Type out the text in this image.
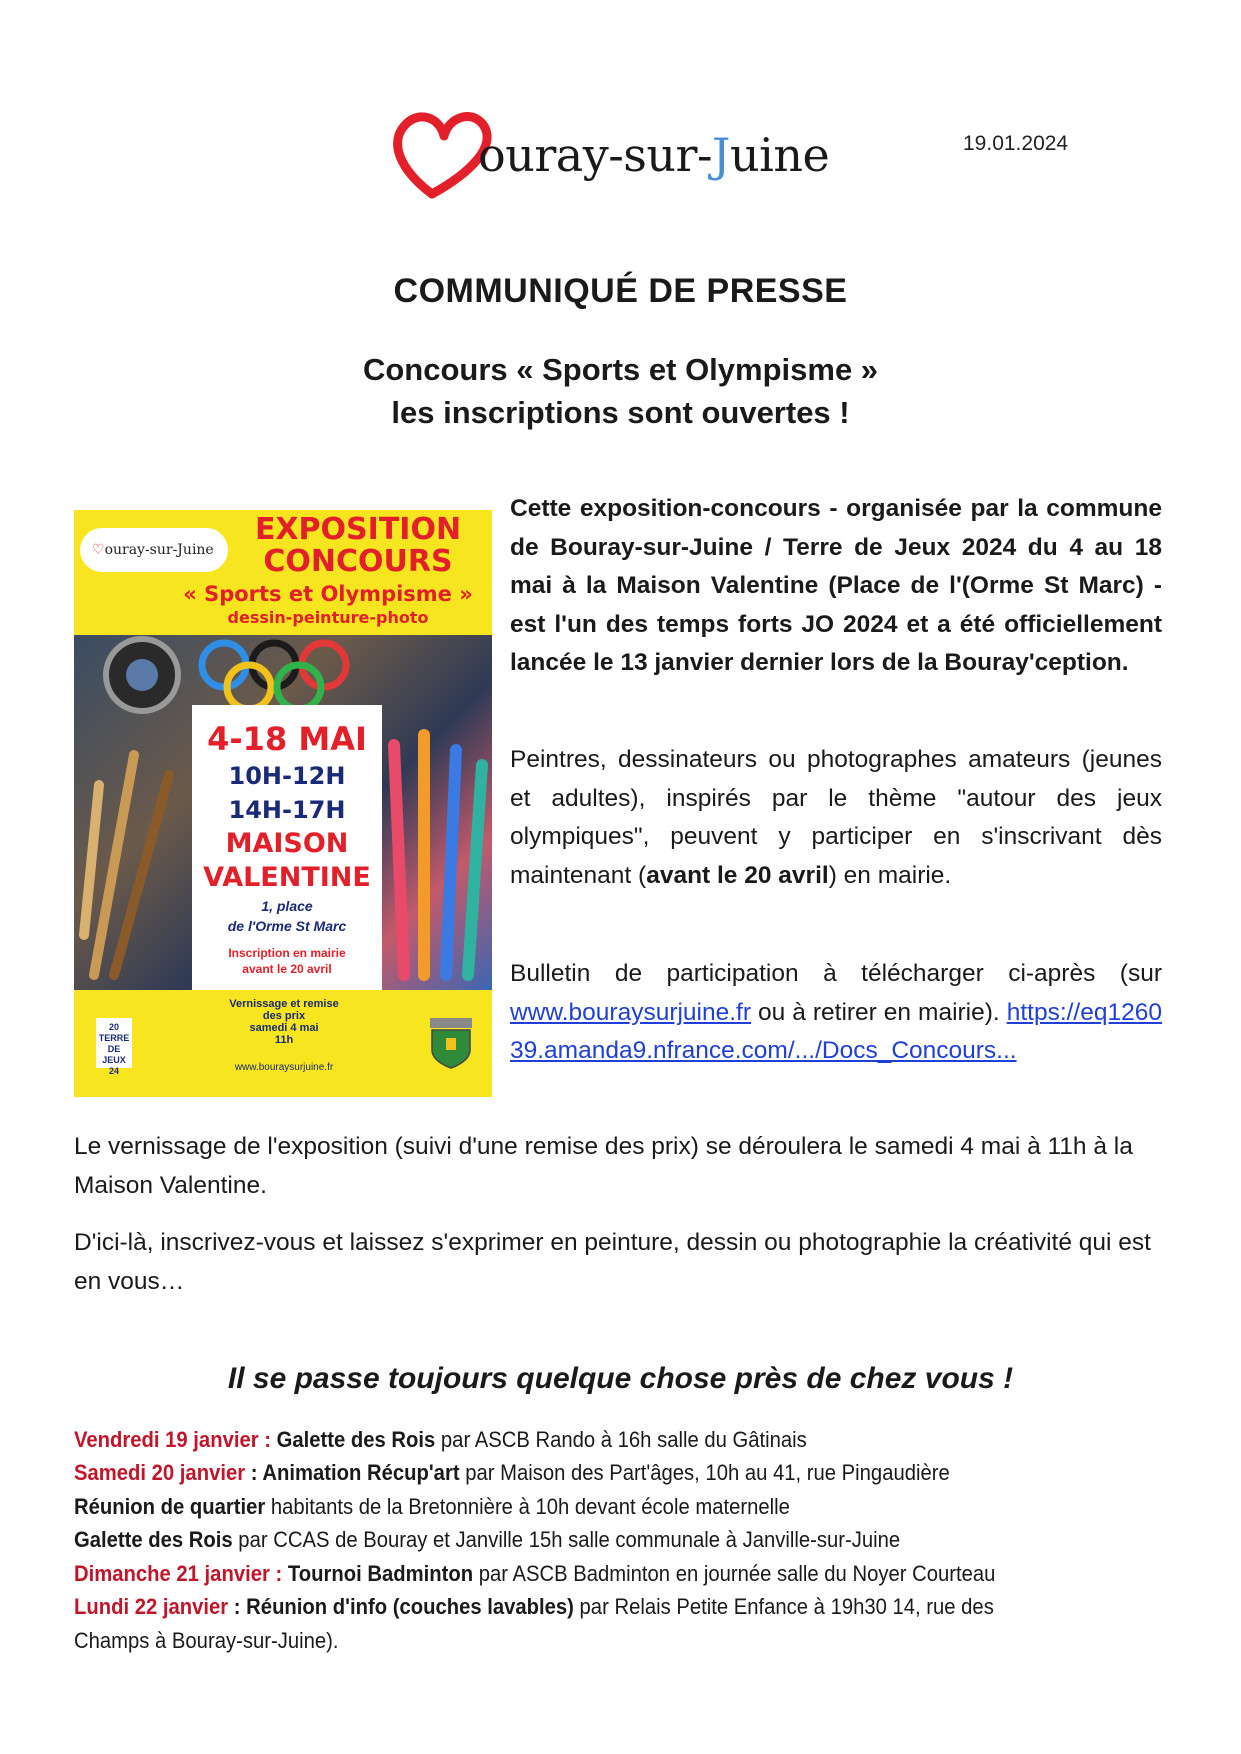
ouray-sur-Juine	19.01.2024
COMMUNIQUÉ DE PRESSE
Concours « Sports et Olympisme »
les inscriptions sont ouvertes !
♡ouray-sur-Juine
EXPOSITION
CONCOURS
« Sports et Olympisme »
dessin-peinture-photo
4-18 MAI
10H-12H
14H-17H
MAISON
VALENTINE
1, place
de l'Orme St Marc
Inscription en mairie
avant le 20 avril
Vernissage et remise
des prix
samedi 4 mai
11h
www.bouraysurjuine.fr
20 TERRE DE JEUX 24
Cette exposition-concours - organisée par la commune de Bouray-sur-Juine / Terre de Jeux 2024 du 4 au 18 mai à la Maison Valentine (Place de l'(Orme St Marc) - est l'un des temps forts JO 2024 et a été officiellement lancée le 13 janvier dernier lors de la Bouray'ception.
Peintres, dessinateurs ou photographes amateurs (jeunes et adultes), inspirés par le thème "autour des jeux olympiques", peuvent y participer en s'inscrivant dès maintenant (avant le 20 avril) en mairie.
Bulletin de participation à télécharger ci-après (sur www.bouraysurjuine.fr ou à retirer en mairie). https://eq126039.amanda9.nfrance.com/.../Docs_Concours...
Le vernissage de l'exposition (suivi d'une remise des prix) se déroulera le samedi 4 mai à 11h à la Maison Valentine.
D'ici-là, inscrivez-vous et laissez s'exprimer en peinture, dessin ou photographie la créativité qui est en vous…
Il se passe toujours quelque chose près de chez vous !
Vendredi 19 janvier : Galette des Rois par ASCB Rando à 16h salle du Gâtinais
Samedi 20 janvier : Animation Récup'art par Maison des Part'âges, 10h au 41, rue Pingaudière
Réunion de quartier habitants de la Bretonnière à 10h devant école maternelle
Galette des Rois par CCAS de Bouray et Janville 15h salle communale à Janville-sur-Juine
Dimanche 21 janvier : Tournoi Badminton par ASCB Badminton en journée salle du Noyer Courteau
Lundi 22 janvier : Réunion d'info (couches lavables) par Relais Petite Enfance à 19h30 14, rue des
Champs à Bouray-sur-Juine).
